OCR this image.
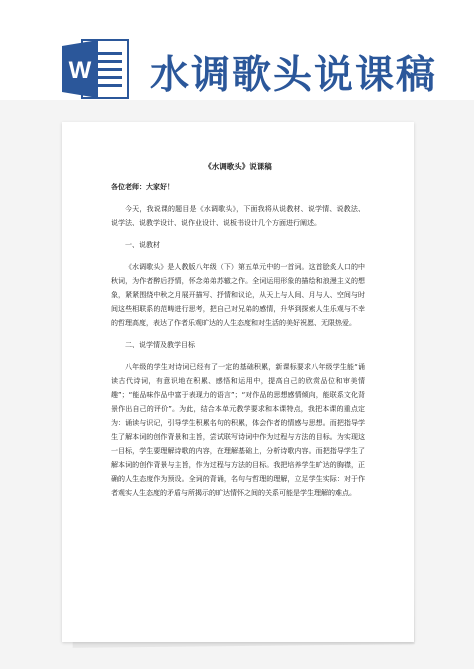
W 水调歌头说课稿
《水调歌头》说课稿
各位老师：大家好！

今天，我说课的题目是《水调歌头》，下面我将从说教材、说学情、说教法、说学法、说教学设计、说作业设计、说板书设计几个方面进行阐述。

一、说教材

《水调歌头》是人教版八年级（下）第五单元中的一首词。这首脍炙人口的中秋词，为作者醉后抒情，怀念弟弟苏辙之作。全词运用形象的描绘和浪漫主义的想象，紧紧围绕中秋之月展开描写、抒情和议论，从天上与人间、月与人、空间与时间这些相联系的范畴进行思考，把自己对兄弟的感情，升华到探索人生乐观与不幸的哲理高度，表达了作者乐观旷达的人生态度和对生活的美好祝愿、无限热爱。

二、说学情及教学目标

八年级的学生对诗词已经有了一定的基础积累，新课标要求八年级学生能“诵读古代诗词，有意识地在积累、感悟和运用中，提高自己的欣赏品位和审美情趣”；“能品味作品中富于表现力的语言”；“对作品的思想感情倾向，能联系文化背景作出自己的评价”。为此，结合本单元教学要求和本课特点，我把本课的重点定为：诵读与识记，引导学生积累名句的积累，体会作者的情感与思想。而把指导学生了解本词的创作背景和主旨，尝试联写诗词中作为过程与方法的目标。为实现这一目标，学生要理解诗歌的内容，在理解基础上，分析诗歌内容。而把指导学生了解本词的创作背景与主旨，作为过程与方法的目标。我把培养学生旷达的胸襟，正确的人生态度作为预设。全词的背诵，名句与哲理的理解，立足学生实际：对于作者观实人生态度的矛盾与所揭示的旷达情怀之间的关系可能是学生理解的难点。
